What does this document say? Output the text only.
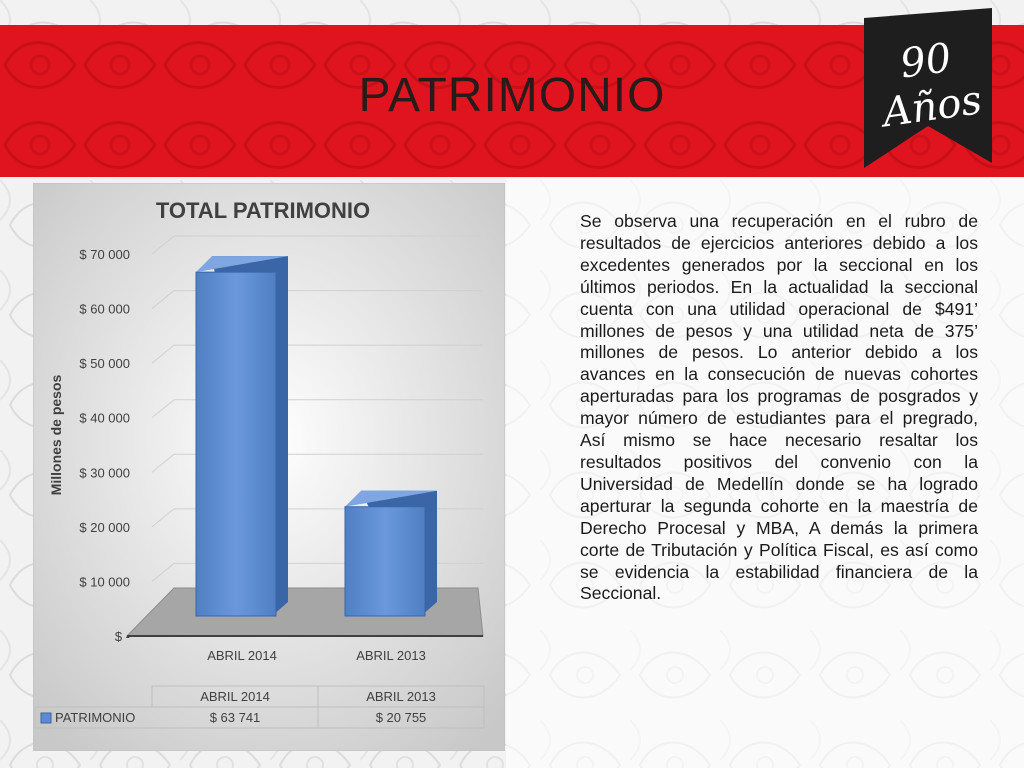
PATRIMONIO
90 Años
$ -
$ 10 000
$ 20 000
$ 30 000
$ 40 000
$ 50 000
$ 60 000
$ 70 000
Millones de pesos
ABRIL 2014	ABRIL 2013
ABRIL 2014
$ 63 741
ABRIL 2013
$ 20 755
PATRIMONIO
TOTAL PATRIMONIO	Se observa una recuperación en el rubro de resultados de ejercicios anteriores debido a los excedentes generados por la seccional en los últimos periodos. En la actualidad la seccional cuenta con una utilidad operacional de $491’ millones de pesos y una utilidad neta de 375’ millones de pesos. Lo anterior debido a los avances en la consecución de nuevas cohortes aperturadas para los programas de posgrados y mayor número de estudiantes para el pregrado, Así mismo se hace necesario resaltar los resultados positivos del convenio con la Universidad de Medellín donde se ha logrado aperturar la segunda cohorte en la maestría de Derecho Procesal y MBA, A demás la primera corte de Tributación y Política Fiscal, es así como se evidencia la estabilidad financiera de la Seccional.
